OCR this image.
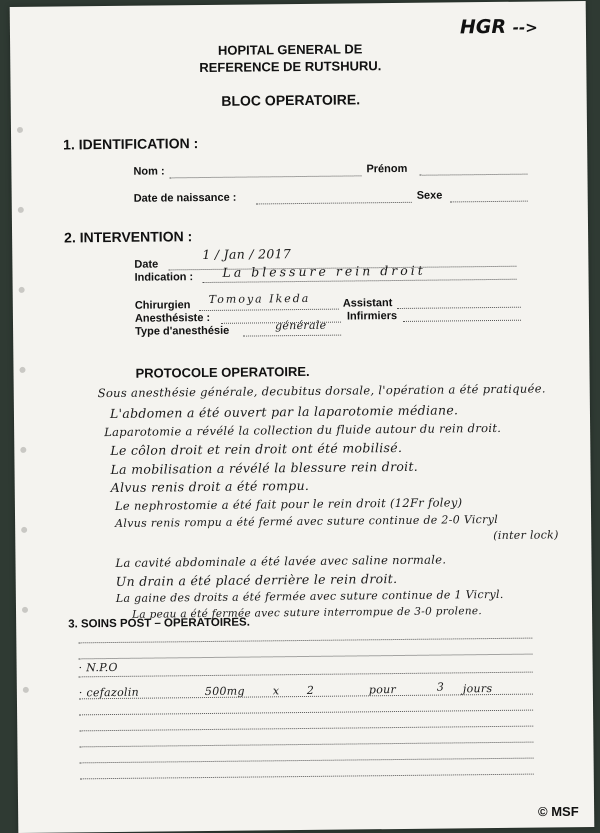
HGR -->
HOPITAL GENERAL DE
REFERENCE DE RUTSHURU.
BLOC OPERATOIRE.
1. IDENTIFICATION :
Nom :	Prénom
Date de naissance :	Sexe
2. INTERVENTION :
Date
1 / Jan / 2017
Indication : La blessure rein droit
Chirurgien Tomoya Ikeda	Assistant
Anesthésiste :	Infirmiers
Type d'anesthésie	générale
PROTOCOLE OPERATOIRE.
Sous anesthésie générale, decubitus dorsale, l'opération a été pratiquée.
L'abdomen a été ouvert par la laparotomie médiane.
Laparotomie a révélé la collection du fluide autour du rein droit.
Le côlon droit et rein droit ont été mobilisé.
La mobilisation a révélé la blessure rein droit.
Alvus renis droit a été rompu.
Le nephrostomie a été fait pour le rein droit (12Fr foley)
Alvus renis rompu a été fermé avec suture continue de 2-0 Vicryl
(inter lock)
La cavité abdominale a été lavée avec saline normale.
Un drain a été placé derrière le rein droit.
La gaine des droits a été fermée avec suture continue de 1 Vicryl.
La peau a été fermée avec suture interrompue de 3-0 prolene.
3. SOINS POST – OPERATOIRES.
· N.P.O
· cefazolin	500mg	x 2	pour	3 jours
© MSF
